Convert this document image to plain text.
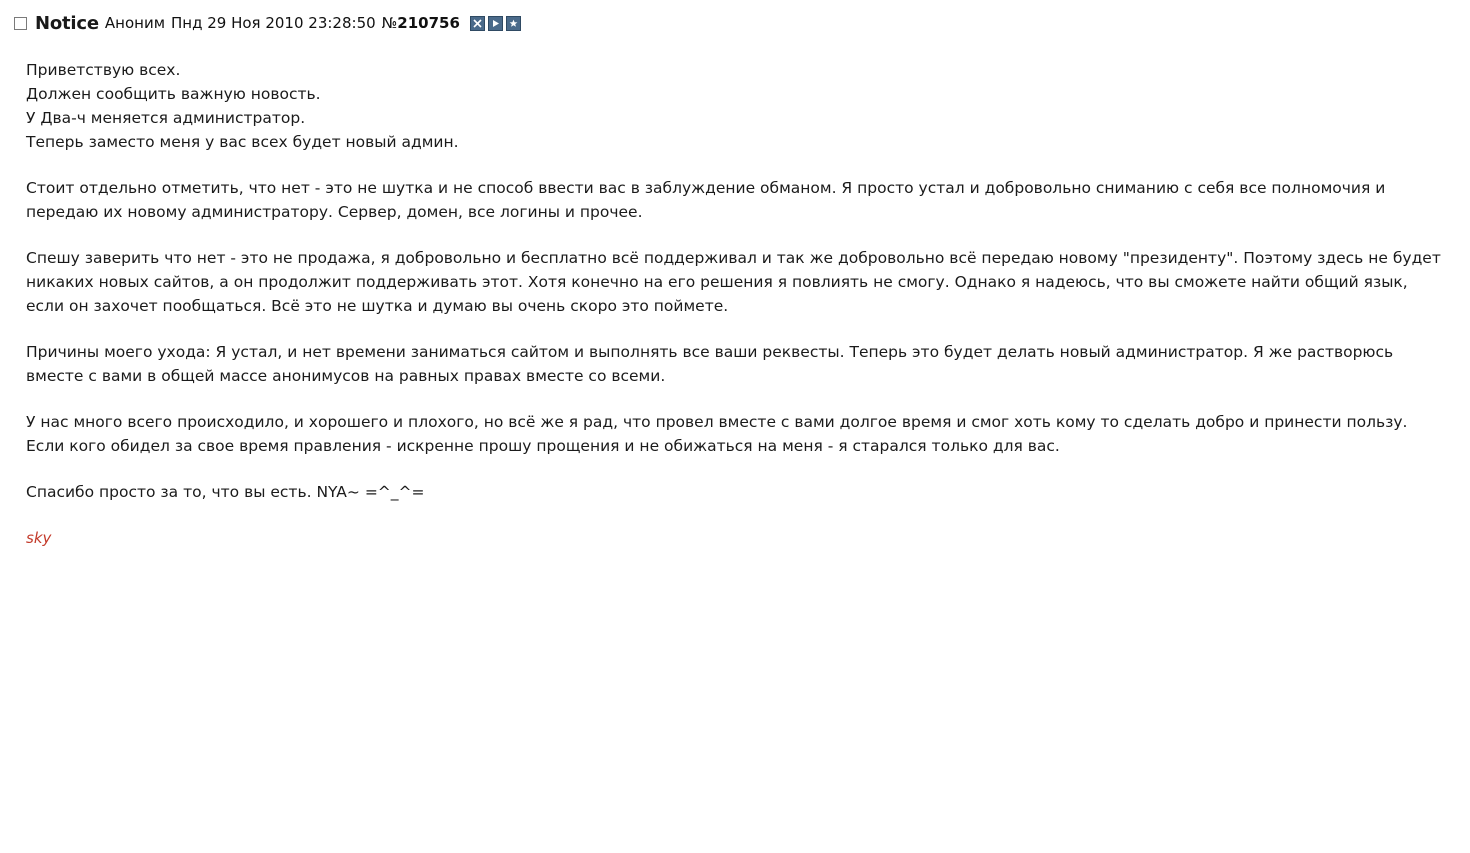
Notice Аноним Пнд 29 Ноя 2010 23:28:50 №210756

Приветствую всех.
Должен сообщить важную новость.
У Два-ч меняется администратор.
Теперь заместо меня у вас всех будет новый админ.

Стоит отдельно отметить, что нет - это не шутка и не способ ввести вас в заблуждение обманом. Я просто устал и добровольно сниманию с себя все полномочия и передаю их новому администратору. Сервер, домен, все логины и прочее.

Спешу заверить что нет - это не продажа, я добровольно и бесплатно всё поддерживал и так же добровольно всё передаю новому "президенту". Поэтому здесь не будет никаких новых сайтов, а он продолжит поддерживать этот. Хотя конечно на его решения я повлиять не смогу. Однако я надеюсь, что вы сможете найти общий язык, если он захочет пообщаться. Всё это не шутка и думаю вы очень скоро это поймете.

Причины моего ухода: Я устал, и нет времени заниматься сайтом и выполнять все ваши реквесты. Теперь это будет делать новый администратор. Я же растворюсь вместе с вами в общей массе анонимусов на равных правах вместе со всеми.

У нас много всего происходило, и хорошего и плохого, но всё же я рад, что провел вместе с вами долгое время и смог хоть кому то сделать добро и принести пользу. Если кого обидел за свое время правления - искренне прошу прощения и не обижаться на меня - я старался только для вас.

Спасибо просто за то, что вы есть. NYA~ =^_^=

sky
